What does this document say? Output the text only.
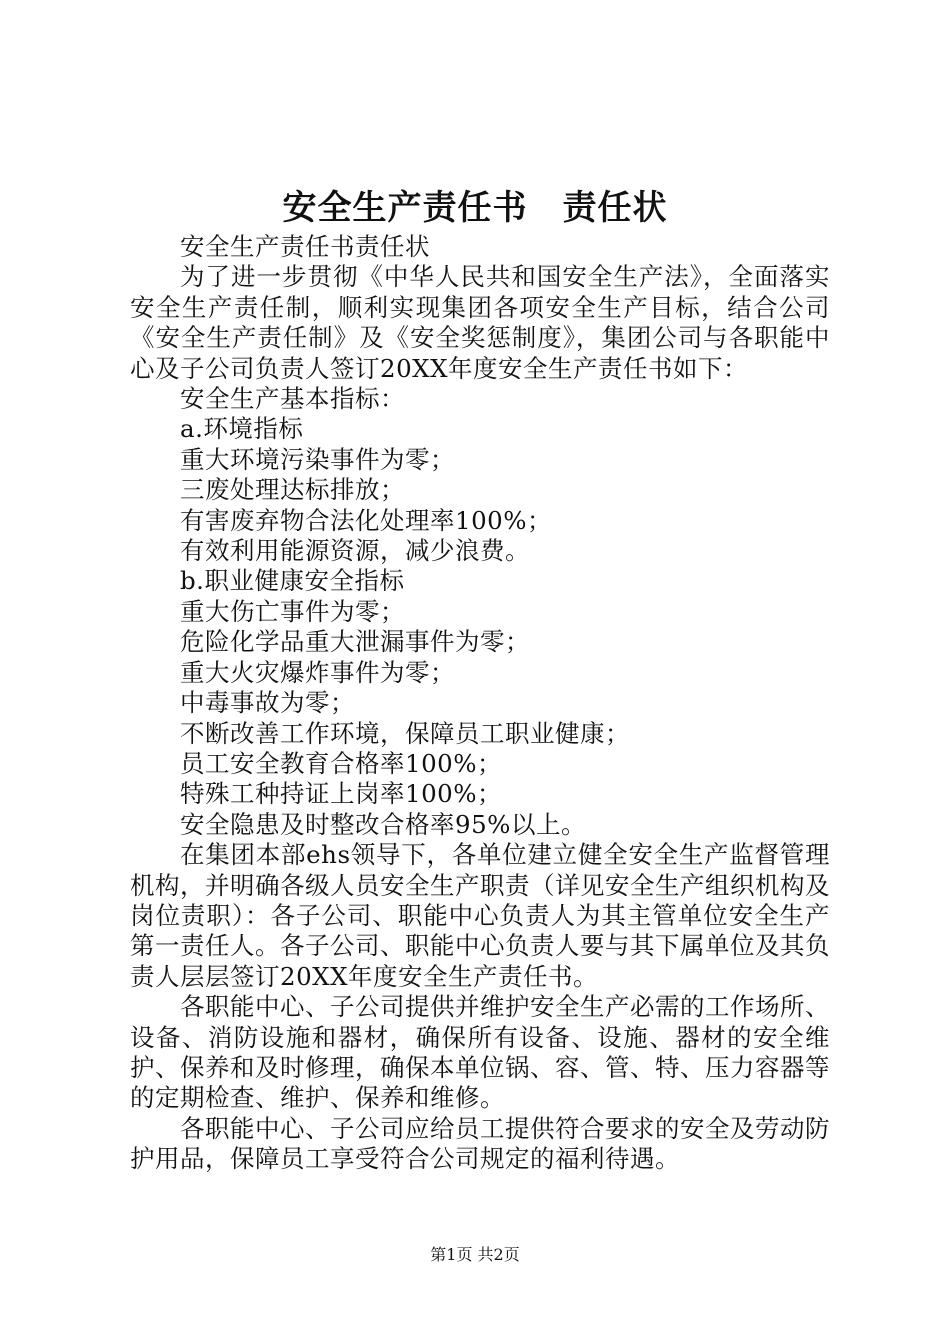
安全生产责任书　责任状

安全生产责任书责任状

为了进一步贯彻《中华人民共和国安全生产法》，全面落实安全生产责任制，顺利实现集团各项安全生产目标，结合公司《安全生产责任制》及《安全奖惩制度》，集团公司与各职能中心及子公司负责人签订20XX年度安全生产责任书如下：

安全生产基本指标：

a.环境指标

重大环境污染事件为零；

三废处理达标排放；

有害废弃物合法化处理率100%；

有效利用能源资源，减少浪费。

b.职业健康安全指标

重大伤亡事件为零；

危险化学品重大泄漏事件为零；

重大火灾爆炸事件为零；

中毒事故为零；

不断改善工作环境，保障员工职业健康；

员工安全教育合格率100%；

特殊工种持证上岗率100%；

安全隐患及时整改合格率95%以上。

在集团本部ehs领导下，各单位建立健全安全生产监督管理机构，并明确各级人员安全生产职责（详见安全生产组织机构及岗位责职）：各子公司、职能中心负责人为其主管单位安全生产第一责任人。各子公司、职能中心负责人要与其下属单位及其负责人层层签订20XX年度安全生产责任书。

各职能中心、子公司提供并维护安全生产必需的工作场所、设备、消防设施和器材，确保所有设备、设施、器材的安全维护、保养和及时修理，确保本单位锅、容、管、特、压力容器等的定期检查、维护、保养和维修。

各职能中心、子公司应给员工提供符合要求的安全及劳动防护用品，保障员工享受符合公司规定的福利待遇。

第1页 共2页
